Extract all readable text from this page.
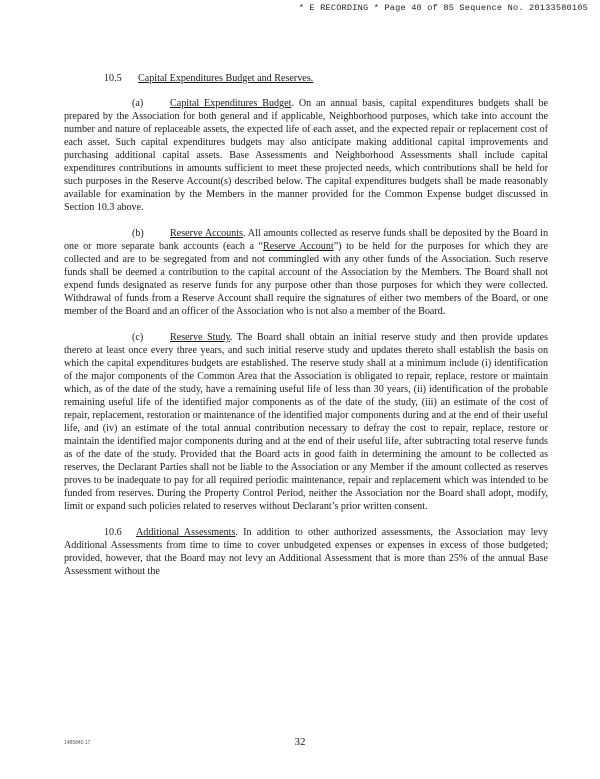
* E RECORDING * Page 40 of 85 Sequence No. 20133580105

10.5 Capital Expenditures Budget and Reserves.

(a)	Capital Expenditures Budget. On an annual basis, capital expenditures budgets shall be prepared by the Association for both general and if applicable, Neighborhood purposes, which take into account the number and nature of replaceable assets, the expected life of each asset, and the expected repair or replacement cost of each asset. Such capital expenditures budgets may also anticipate making additional capital improvements and purchasing additional capital assets. Base Assessments and Neighborhood Assessments shall include capital expenditures contributions in amounts sufficient to meet these projected needs, which contributions shall be held for such purposes in the Reserve Account(s) described below. The capital expenditures budgets shall be made reasonably available for examination by the Members in the manner provided for the Common Expense budget discussed in Section 10.3 above.

(b)	Reserve Accounts. All amounts collected as reserve funds shall be deposited by the Board in one or more separate bank accounts (each a “Reserve Account”) to be held for the purposes for which they are collected and are to be segregated from and not commingled with any other funds of the Association. Such reserve funds shall be deemed a contribution to the capital account of the Association by the Members. The Board shall not expend funds designated as reserve funds for any purpose other than those purposes for which they were collected. Withdrawal of funds from a Reserve Account shall require the signatures of either two members of the Board, or one member of the Board and an officer of the Association who is not also a member of the Board.

(c)	Reserve Study. The Board shall obtain an initial reserve study and then provide updates thereto at least once every three years, and such initial reserve study and updates thereto shall establish the basis on which the capital expenditures budgets are established. The reserve study shall at a minimum include (i) identification of the major components of the Common Area that the Association is obligated to repair, replace, restore or maintain which, as of the date of the study, have a remaining useful life of less than 30 years, (ii) identification of the probable remaining useful life of the identified major components as of the date of the study, (iii) an estimate of the cost of repair, replacement, restoration or maintenance of the identified major components during and at the end of their useful life, and (iv) an estimate of the total annual contribution necessary to defray the cost to repair, replace, restore or maintain the identified major components during and at the end of their useful life, after subtracting total reserve funds as of the date of the study. Provided that the Board acts in good faith in determining the amount to be collected as reserves, the Declarant Parties shall not be liable to the Association or any Member if the amount collected as reserves proves to be inadequate to pay for all required periodic maintenance, repair and replacement which was intended to be funded from reserves. During the Property Control Period, neither the Association nor the Board shall adopt, modify, limit or expand such policies related to reserves without Declarant’s prior written consent.

10.6 Additional Assessments. In addition to other authorized assessments, the Association may levy Additional Assessments from time to time to cover unbudgeted expenses or expenses in excess of those budgeted; provided, however, that the Board may not levy an Additional Assessment that is more than 25% of the annual Base Assessment without the

1485840.17	32
